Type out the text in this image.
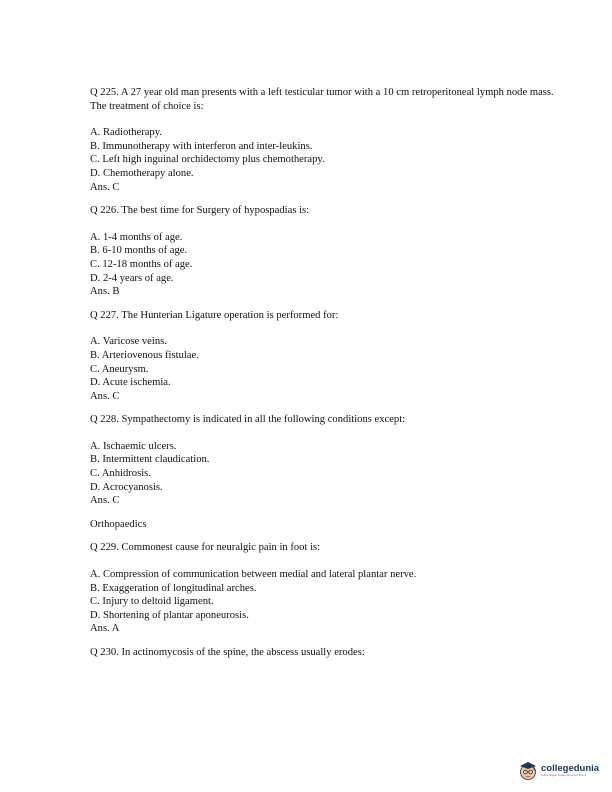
Q 225. A 27 year old man presents with a left testicular tumor with a 10 cm retroperitoneal lymph node mass. The treatment of choice is:

A. Radiotherapy.
B. Immunotherapy with interferon and inter-leukins.
C. Left high inguinal orchidectomy plus chemotherapy.
D. Chemotherapy alone.

Ans. C

Q 226. The best time for Surgery of hypospadias is:

A. 1-4 months of age.
B. 6-10 months of age.
C. 12-18 months of age.
D. 2-4 years of age.

Ans. B

Q 227. The Hunterian Ligature operation is performed for:

A. Varicose veins.
B. Arteriovenous fistulae.
C. Aneurysm.
D. Acute ischemia.

Ans. C

Q 228. Sympathectomy is indicated in all the following conditions except:

A. Ischaemic ulcers.
B. Intermittent claudication.
C. Anhidrosis.
D. Acrocyanosis.

Ans. C

Orthopaedics

Q 229. Commonest cause for neuralgic pain in foot is:

A. Compression of communication between medial and lateral plantar nerve.
B. Exaggeration of longitudinal arches.
C. Injury to deltoid ligament.
D. Shortening of plantar aponeurosis.

Ans. A

Q 230. In actinomycosis of the spine, the abscess usually erodes:

collegedunia
India's largest Student Review Platform
